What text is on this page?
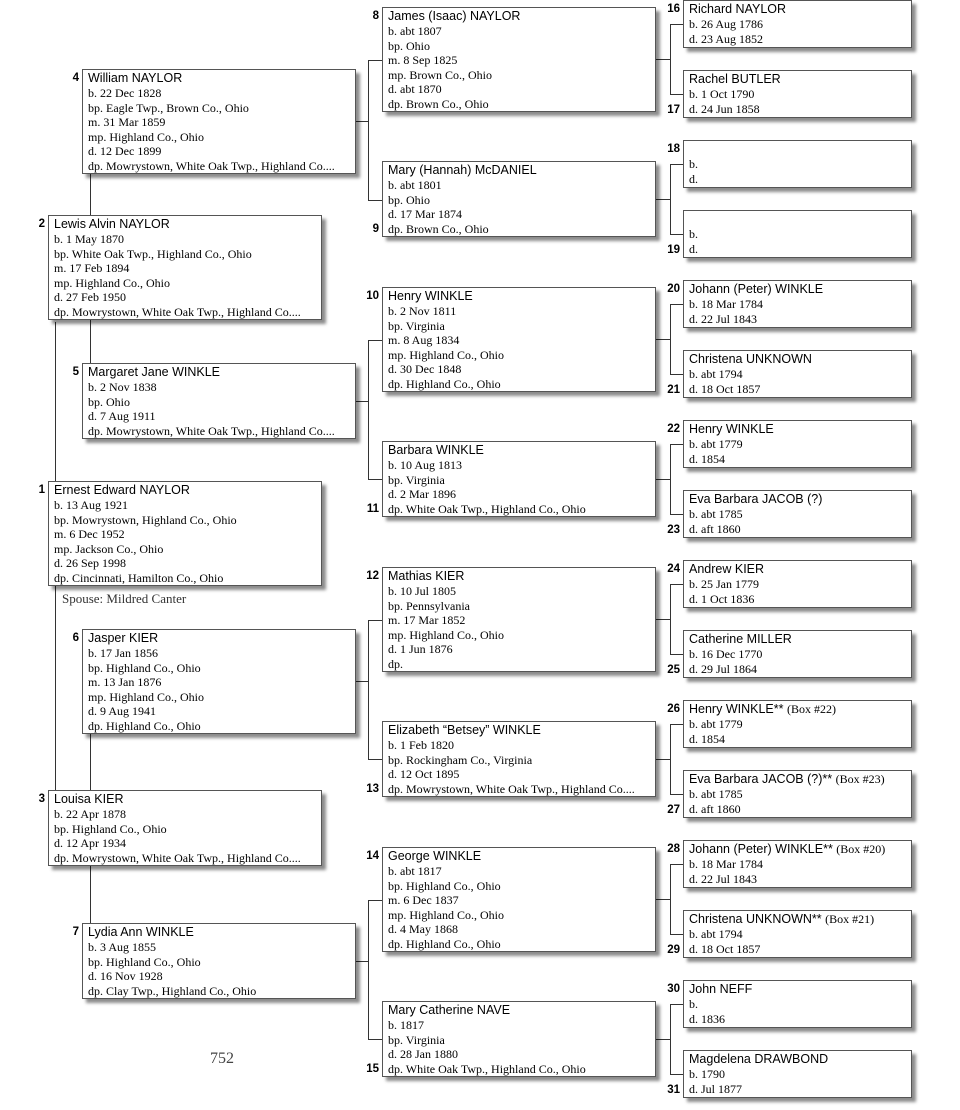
Ernest Edward NAYLOR
b. 13 Aug 1921
bp. Mowrystown, Highland Co., Ohio
m. 6 Dec 1952
mp. Jackson Co., Ohio
d. 26 Sep 1998
dp. Cincinnati, Hamilton Co., Ohio
1
Lewis Alvin NAYLOR
b. 1 May 1870
bp. White Oak Twp., Highland Co., Ohio
m. 17 Feb 1894
mp. Highland Co., Ohio
d. 27 Feb 1950
dp. Mowrystown, White Oak Twp., Highland Co....
2
Louisa KIER
b. 22 Apr 1878
bp. Highland Co., Ohio
d. 12 Apr 1934
dp. Mowrystown, White Oak Twp., Highland Co....
3
William NAYLOR
b. 22 Dec 1828
bp. Eagle Twp., Brown Co., Ohio
m. 31 Mar 1859
mp. Highland Co., Ohio
d. 12 Dec 1899
dp. Mowrystown, White Oak Twp., Highland Co....
4
Margaret Jane WINKLE
b. 2 Nov 1838
bp. Ohio
d. 7 Aug 1911
dp. Mowrystown, White Oak Twp., Highland Co....
5
Jasper KIER
b. 17 Jan 1856
bp. Highland Co., Ohio
m. 13 Jan 1876
mp. Highland Co., Ohio
d. 9 Aug 1941
dp. Highland Co., Ohio
6
Lydia Ann WINKLE
b. 3 Aug 1855
bp. Highland Co., Ohio
d. 16 Nov 1928
dp. Clay Twp., Highland Co., Ohio
7
James (Isaac) NAYLOR
b. abt 1807
bp. Ohio
m. 8 Sep 1825
mp. Brown Co., Ohio
d. abt 1870
dp. Brown Co., Ohio
8
Mary (Hannah) McDANIEL
b. abt 1801
bp. Ohio
d. 17 Mar 1874
dp. Brown Co., Ohio
9
Henry WINKLE
b. 2 Nov 1811
bp. Virginia
m. 8 Aug 1834
mp. Highland Co., Ohio
d. 30 Dec 1848
dp. Highland Co., Ohio
10
Barbara WINKLE
b. 10 Aug 1813
bp. Virginia
d. 2 Mar 1896
dp. White Oak Twp., Highland Co., Ohio
11
Mathias KIER
b. 10 Jul 1805
bp. Pennsylvania
m. 17 Mar 1852
mp. Highland Co., Ohio
d. 1 Jun 1876
dp.
12
Elizabeth “Betsey” WINKLE
b. 1 Feb 1820
bp. Rockingham Co., Virginia
d. 12 Oct 1895
dp. Mowrystown, White Oak Twp., Highland Co....
13
George WINKLE
b. abt 1817
bp. Highland Co., Ohio
m. 6 Dec 1837
mp. Highland Co., Ohio
d. 4 May 1868
dp. Highland Co., Ohio
14
Mary Catherine NAVE
b. 1817
bp. Virginia
d. 28 Jan 1880
dp. White Oak Twp., Highland Co., Ohio
15
Richard NAYLOR
b. 26 Aug 1786
d. 23 Aug 1852
16
Rachel BUTLER
b. 1 Oct 1790
d. 24 Jun 1858
17
b.
d.
18
b.
d.
19
Johann (Peter) WINKLE
b. 18 Mar 1784
d. 22 Jul 1843
20
Christena UNKNOWN
b. abt 1794
d. 18 Oct 1857
21
Henry WINKLE
b. abt 1779
d. 1854
22
Eva Barbara JACOB (?)
b. abt 1785
d. aft 1860
23
Andrew KIER
b. 25 Jan 1779
d. 1 Oct 1836
24
Catherine MILLER
b. 16 Dec 1770
d. 29 Jul 1864
25
Henry WINKLE** (Box #22)
b. abt 1779
d. 1854
26
Eva Barbara JACOB (?)** (Box #23)
b. abt 1785
d. aft 1860
27
Johann (Peter) WINKLE** (Box #20)
b. 18 Mar 1784
d. 22 Jul 1843
28
Christena UNKNOWN** (Box #21)
b. abt 1794
d. 18 Oct 1857
29
John NEFF
b.
d. 1836
30
Magdelena DRAWBOND
b. 1790
d. Jul 1877
31
Spouse: Mildred Canter
752
